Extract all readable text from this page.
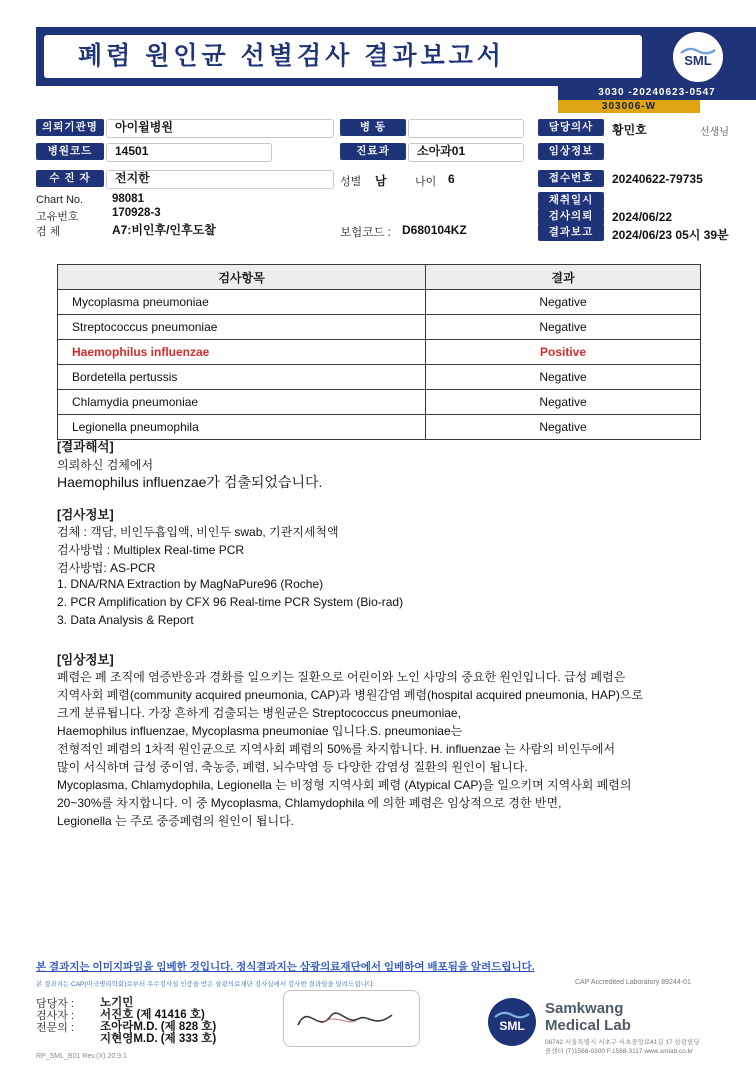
폐렴 원인균 선별검사 결과보고서	SML
3030 -20240623-0547
303006-W
의뢰기관명	아이윌병원	병 동	담당의사	황민호	선생님
병원코드	14501	진료과	소아과01	임상정보
수 진 자	전지한	성별 남	나이 6	접수번호	20240622-79735
Chart No.	98081
고유번호	170928-3
검 체	A7:비인후/인후도찰	보험코드 : D680104KZ
채취일시
검사의뢰	2024/06/22
결과보고	2024/06/23 05시 39분
검사항목	결과
Mycoplasma pneumoniae	Negative
Streptococcus pneumoniae	Negative
Haemophilus influenzae	Positive
Bordetella pertussis	Negative
Chlamydia pneumoniae	Negative
Legionella pneumophila	Negative
[결과해석]
의뢰하신 검체에서
Haemophilus influenzae가 검출되었습니다.
[검사정보]
검체 : 객담, 비인두흡입액, 비인두 swab, 기관지세척액
검사방법 : Multiplex Real-time PCR
검사방법: AS-PCR
1. DNA/RNA Extraction by MagNaPure96 (Roche)
2. PCR Amplification by CFX 96 Real-time PCR System (Bio-rad)
3. Data Analysis & Report
[임상정보]
폐렴은 폐 조직에 염증반응과 경화를 일으키는 질환으로 어린이와 노인 사망의 중요한 원인입니다. 급성 폐렴은
지역사회 폐렴(community acquired pneumonia, CAP)과 병원감염 폐렴(hospital acquired pneumonia, HAP)으로
크게 분류됩니다. 가장 흔하게 검출되는 병원균은 Streptococcus pneumoniae,
Haemophilus influenzae, Mycoplasma pneumoniae 입니다.S. pneumoniae는
전형적인 폐렴의 1차적 원인균으로 지역사회 폐렴의 50%를 차지합니다. H. influenzae 는 사람의 비인두에서
많이 서식하며 급성 중이염, 축농증, 폐렴, 뇌수막염 등 다양한 감염성 질환의 원인이 됩니다.
Mycoplasma, Chlamydophila, Legionella 는 비정형 지역사회 폐렴 (Atypical CAP)을 일으키며 지역사회 폐렴의
20~30%를 차지합니다. 이 중 Mycoplasma, Chlamydophila 에 의한 폐렴은 임상적으로 경한 반면,
Legionella 는 주로 중증폐렴의 원인이 됩니다.
본 결과지는 이미지파일을 임베한 것입니다. 정식결과지는 삼광의료재단에서 임베하여 배포됨을 알려드립니다.
본 결과지는 CAP(미국병리학회)로부터 우수검사실 인증을 받은 삼광의료재단 검사실에서 검사한 결과임을 알려드립니다.	CAP Accredited Laboratory 89244-01
담당자 : 노기민
검사자 : 서진호 (제 41416 호)
전문의 : 조아라M.D. (제 828 호)
지현영M.D. (제 333 호)
SML
Samkwang
Medical Lab
06742 서울특별시 서초구 서초중앙로41길 17 삼광빌딩
콜센터 (T)1566-0300 F.1588-3117 www.smlab.co.kr
RP_SML_B01 Rev.(X) 20.9.1
